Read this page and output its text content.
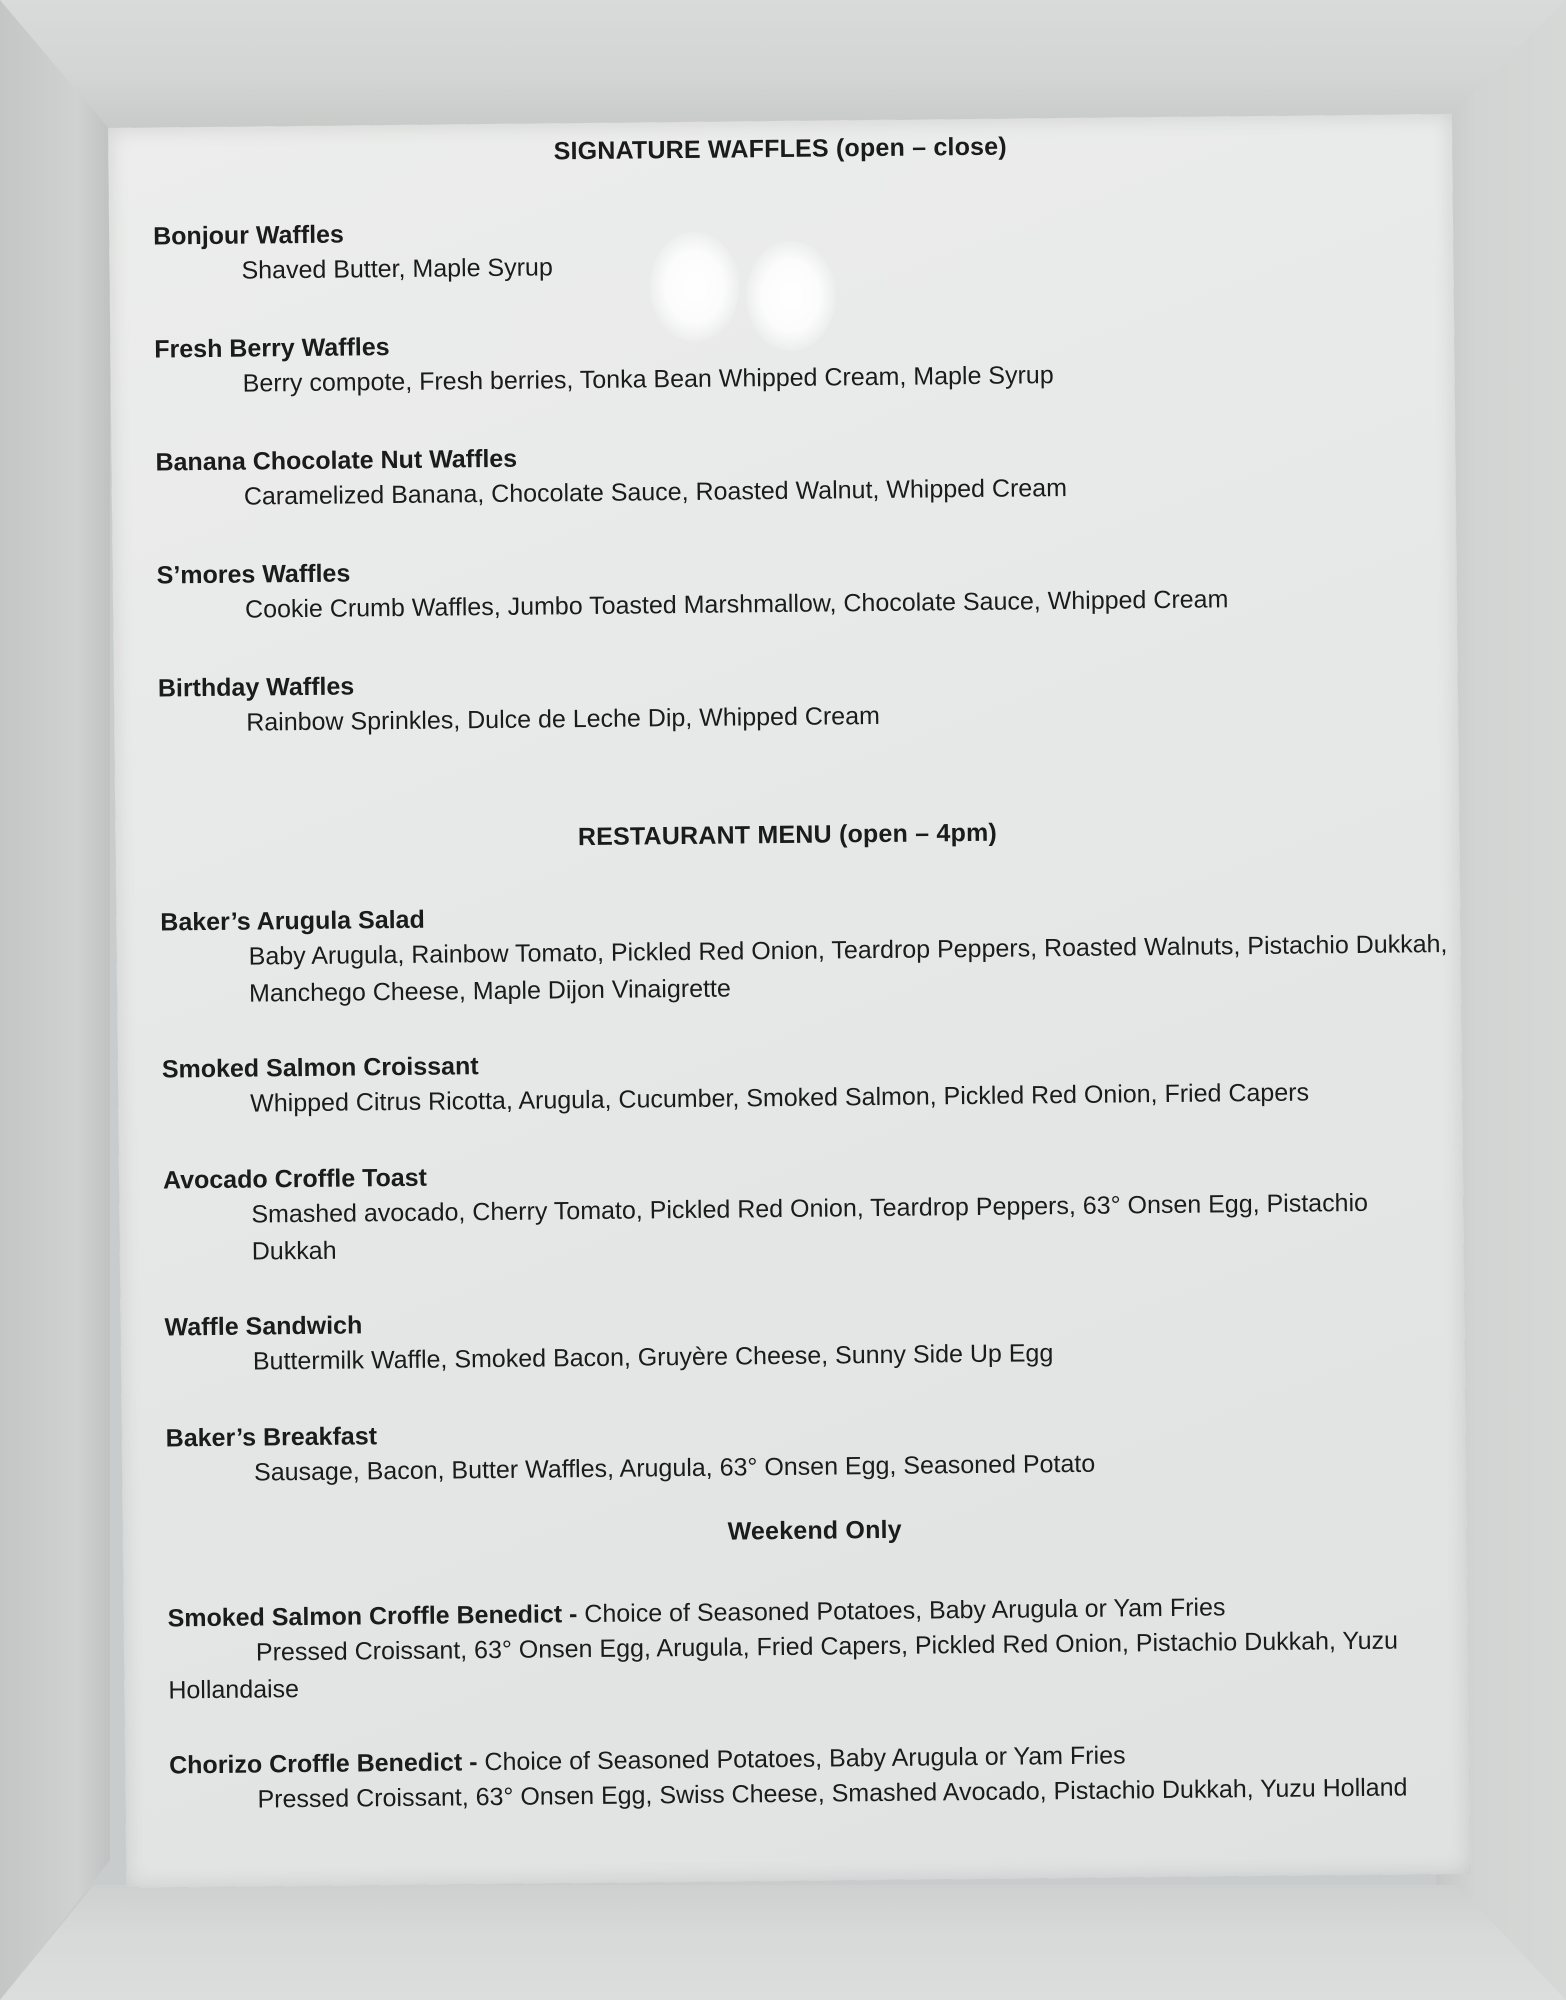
SIGNATURE WAFFLES (open – close)
Bonjour Waffles
Shaved Butter, Maple Syrup
Fresh Berry Waffles
Berry compote, Fresh berries, Tonka Bean Whipped Cream, Maple Syrup
Banana Chocolate Nut Waffles
Caramelized Banana, Chocolate Sauce, Roasted Walnut, Whipped Cream
S’mores Waffles
Cookie Crumb Waffles, Jumbo Toasted Marshmallow, Chocolate Sauce, Whipped Cream
Birthday Waffles
Rainbow Sprinkles, Dulce de Leche Dip, Whipped Cream
RESTAURANT MENU (open – 4pm)
Baker’s Arugula Salad
Baby Arugula, Rainbow Tomato, Pickled Red Onion, Teardrop Peppers, Roasted Walnuts, Pistachio Dukkah, Manchego Cheese, Maple Dijon Vinaigrette
Smoked Salmon Croissant
Whipped Citrus Ricotta, Arugula, Cucumber, Smoked Salmon, Pickled Red Onion, Fried Capers
Avocado Croffle Toast
Smashed avocado, Cherry Tomato, Pickled Red Onion, Teardrop Peppers, 63° Onsen Egg, Pistachio Dukkah
Waffle Sandwich
Buttermilk Waffle, Smoked Bacon, Gruyère Cheese, Sunny Side Up Egg
Baker’s Breakfast
Sausage, Bacon, Butter Waffles, Arugula, 63° Onsen Egg, Seasoned Potato
Weekend Only
Smoked Salmon Croffle Benedict - Choice of Seasoned Potatoes, Baby Arugula or Yam Fries
Pressed Croissant, 63° Onsen Egg, Arugula, Fried Capers, Pickled Red Onion, Pistachio Dukkah, Yuzu Hollandaise
Chorizo Croffle Benedict - Choice of Seasoned Potatoes, Baby Arugula or Yam Fries
Pressed Croissant, 63° Onsen Egg, Swiss Cheese, Smashed Avocado, Pistachio Dukkah, Yuzu Holland
